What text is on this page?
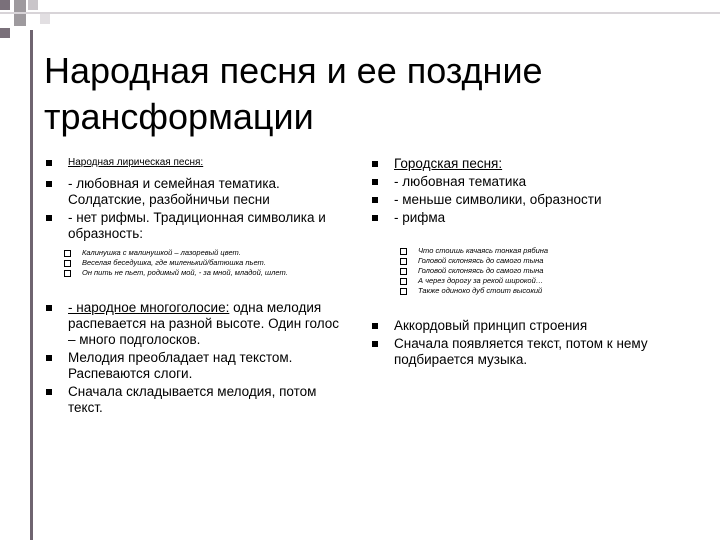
Народная песня и ее поздние трансформации
Народная лирическая песня:
- любовная и семейная тематика. Солдатские, разбойничьи песни
- нет рифмы. Традиционная символика и образность:
Калинушка с малинушкой – лазоревый цвет.
Веселая беседушка, где миленький/батюшка пьет.
Он пить не пьет, родимый мой, - за мной, младой, шлет.
- народное многоголосие: одна мелодия распевается на разной высоте. Один голос – много подголосков.
Мелодия преобладает над текстом. Распеваются слоги.
Сначала складывается мелодия, потом текст.
Городская песня:
- любовная тематика
- меньше символики, образности
- рифма
Что стоишь качаясь тонкая рябина
Головой склоняясь до самого тына
Головой склоняясь до самого тына
А через дорогу за рекой широкой…
Также одиноко дуб стоит высокий
Аккордовый принцип строения
Сначала появляется текст, потом к нему подбирается музыка.
